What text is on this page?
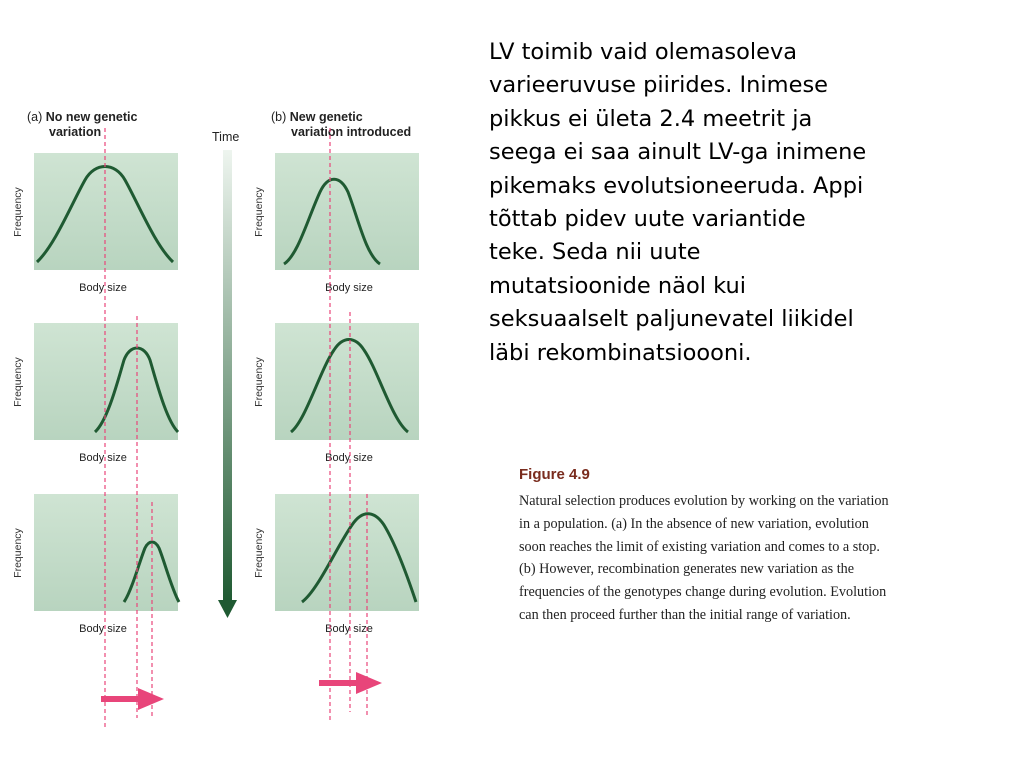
(a) No new genetic
variation
(b) New genetic
variation introduced
Time
Frequency
Frequency
Frequency
Frequency
Frequency
Frequency
Body size
Body size
Body size
Body size
Body size
Body size
LV toimib vaid olemasoleva
varieeruvuse piirides. Inimese
pikkus ei ületa 2.4 meetrit ja
seega ei saa ainult LV-ga inimene
pikemaks evolutsioneeruda. Appi
tõttab pidev uute variantide
teke. Seda nii uute
mutatsioonide näol kui
seksuaalselt paljunevatel liikidel
läbi rekombinatsioooni.
Figure 4.9
Natural selection produces evolution by working on the variation
in a population. (a) In the absence of new variation, evolution
soon reaches the limit of existing variation and comes to a stop.
(b) However, recombination generates new variation as the
frequencies of the genotypes change during evolution. Evolution
can then proceed further than the initial range of variation.
